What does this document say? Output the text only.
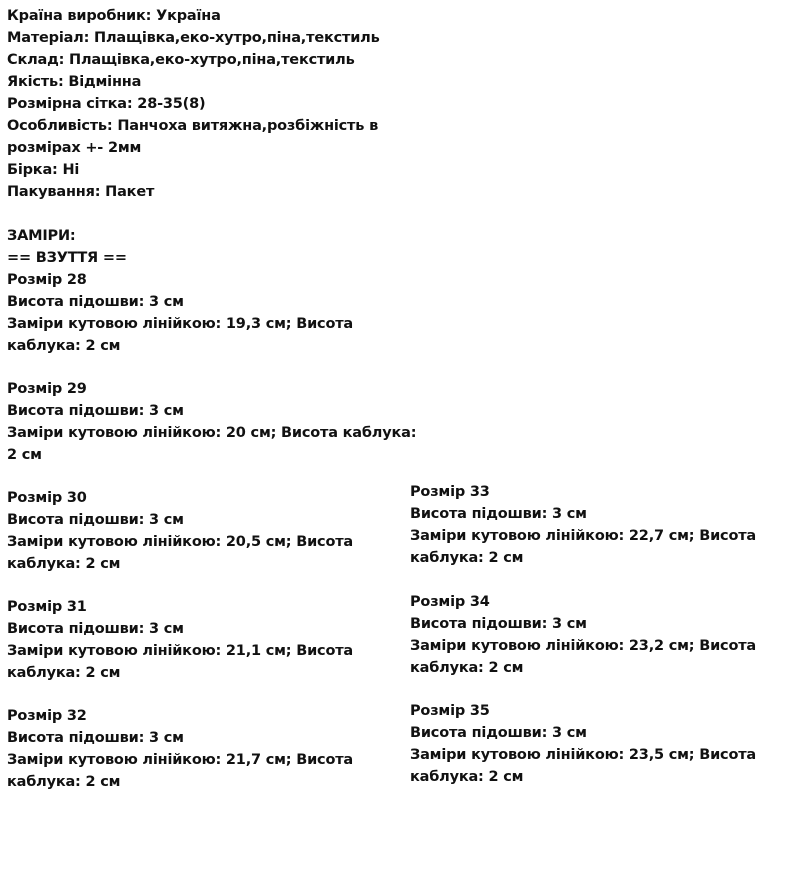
Країна виробник: Україна
Матеріал: Плащівка,еко-хутро,піна,текстиль
Склад: Плащівка,еко-хутро,піна,текстиль
Якість: Відмінна
Розмірна сітка: 28-35(8)
Особливість: Панчоха витяжна,розбіжність в
розмірах +- 2мм
Бірка: Ні
Пакування: Пакет
ЗАМІРИ:
== ВЗУТТЯ ==
Розмір 28
Висота підошви: 3 см
Заміри кутовою лінійкою: 19,3 см; Висота
каблука: 2 см
Розмір 29
Висота підошви: 3 см
Заміри кутовою лінійкою: 20 см; Висота каблука:
2 см
Розмір 30
Висота підошви: 3 см
Заміри кутовою лінійкою: 20,5 см; Висота
каблука: 2 см
Розмір 31
Висота підошви: 3 см
Заміри кутовою лінійкою: 21,1 см; Висота
каблука: 2 см
Розмір 32
Висота підошви: 3 см
Заміри кутовою лінійкою: 21,7 см; Висота
каблука: 2 см
Розмір 33
Висота підошви: 3 см
Заміри кутовою лінійкою: 22,7 см; Висота
каблука: 2 см
Розмір 34
Висота підошви: 3 см
Заміри кутовою лінійкою: 23,2 см; Висота
каблука: 2 см
Розмір 35
Висота підошви: 3 см
Заміри кутовою лінійкою: 23,5 см; Висота
каблука: 2 см
